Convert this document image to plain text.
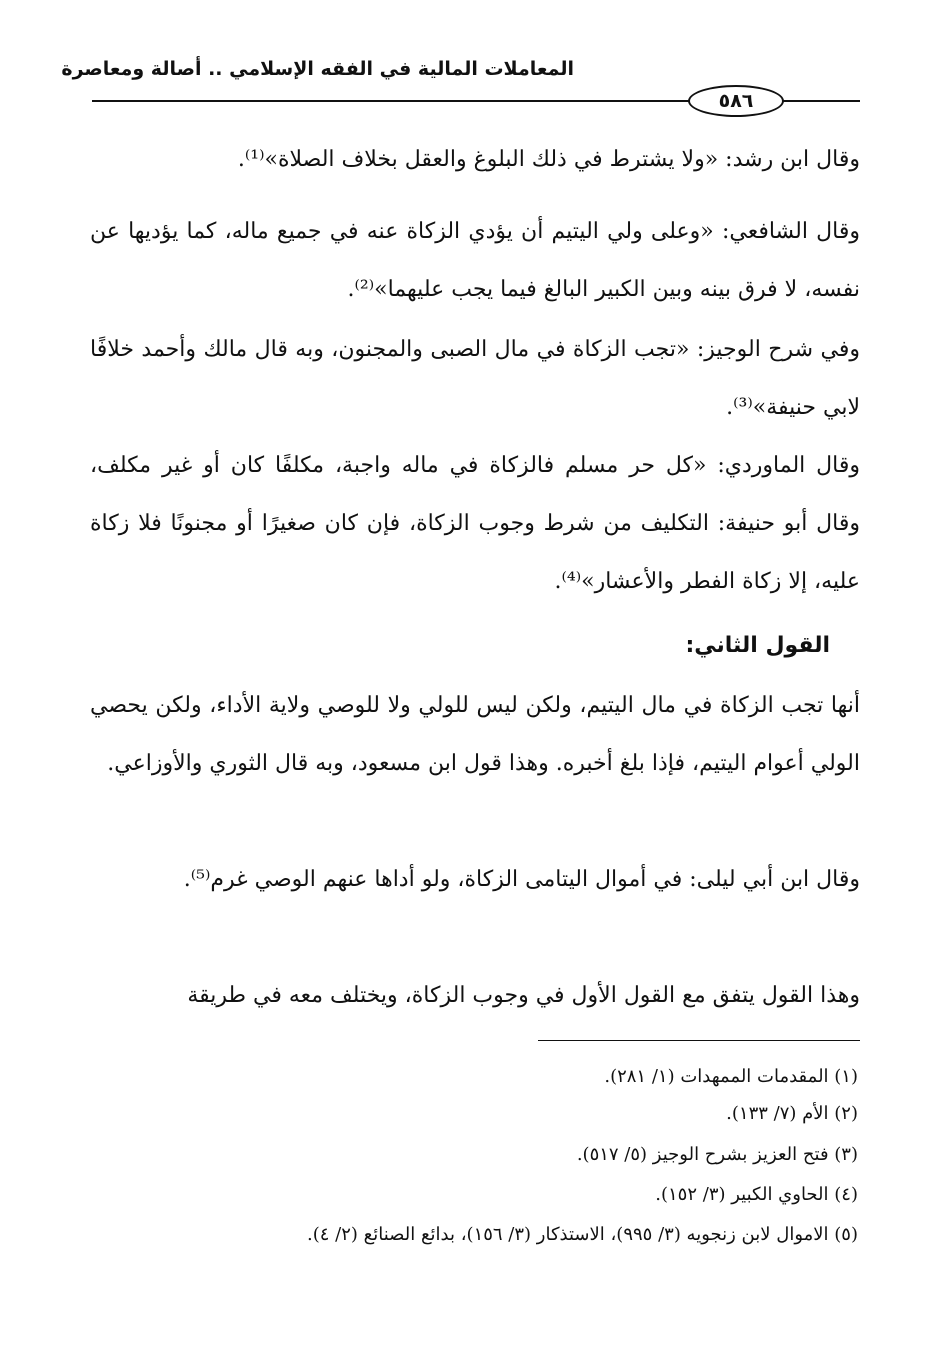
المعاملات المالية في الفقه الإسلامي .. أصالة ومعاصرة
٥٨٦

وقال ابن رشد: «ولا يشترط في ذلك البلوغ والعقل بخلاف الصلاة»⁽¹⁾.

وقال الشافعي: «وعلى ولي اليتيم أن يؤدي الزكاة عنه في جميع ماله، كما يؤديها عن نفسه، لا فرق بينه وبين الكبير البالغ فيما يجب عليهما»⁽²⁾.

وفي شرح الوجيز: «تجب الزكاة في مال الصبى والمجنون، وبه قال مالك وأحمد خلافًا لابي حنيفة»⁽³⁾.

وقال الماوردي: «كل حر مسلم فالزكاة في ماله واجبة، مكلفًا كان أو غير مكلف، وقال أبو حنيفة: التكليف من شرط وجوب الزكاة، فإن كان صغيرًا أو مجنونًا فلا زكاة عليه، إلا زكاة الفطر والأعشار»⁽⁴⁾.

القول الثاني:

أنها تجب الزكاة في مال اليتيم، ولكن ليس للولي ولا للوصي ولاية الأداء، ولكن يحصي الولي أعوام اليتيم، فإذا بلغ أخبره. وهذا قول ابن مسعود، وبه قال الثوري والأوزاعي.

وقال ابن أبي ليلى: في أموال اليتامى الزكاة، ولو أداها عنهم الوصي غرم⁽⁵⁾.

وهذا القول يتفق مع القول الأول في وجوب الزكاة، ويختلف معه في طريقة

(١) المقدمات الممهدات (١/ ٢٨١).
(٢) الأم (٧/ ١٣٣).
(٣) فتح العزيز بشرح الوجيز (٥/ ٥١٧).
(٤) الحاوي الكبير (٣/ ١٥٢).
(٥) الاموال لابن زنجويه (٣/ ٩٩٥)، الاستذكار (٣/ ١٥٦)، بدائع الصنائع (٢/ ٤).
